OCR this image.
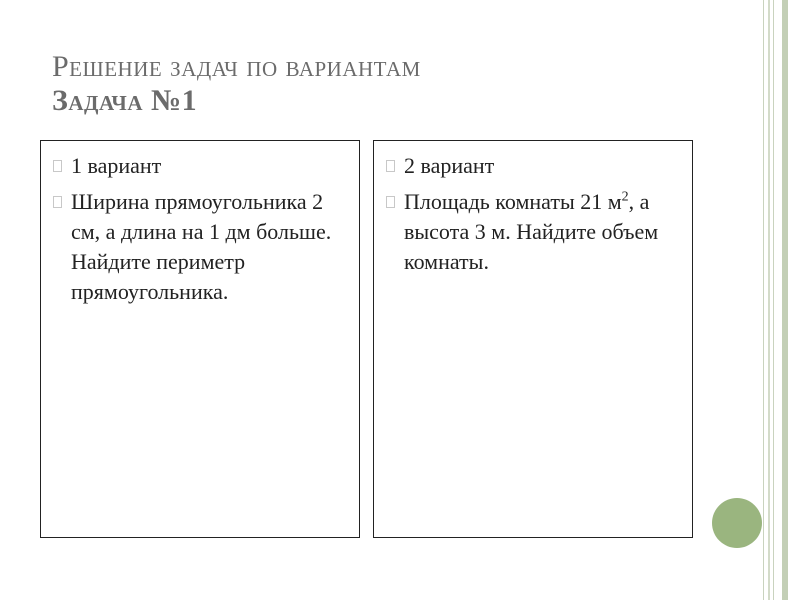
Решение задач по вариантам
Задача №1
1 вариант
Ширина прямоугольника 2 см, а длина на 1 дм больше. Найдите периметр прямоугольника.
2 вариант
Площадь комнаты 21 $м^2$, а высота 3 м. Найдите объем комнаты.
